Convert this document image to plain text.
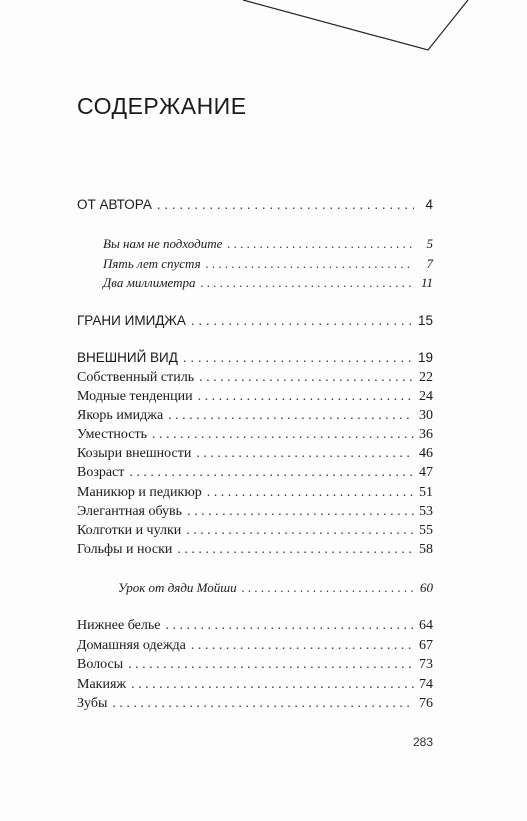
СОДЕРЖАНИЕ
ОТ АВТОРА . . .	4
Вы нам не подходите . . .	5
Пять лет спустя . . .	7
Два миллиметра . . .	11
ГРАНИ ИМИДЖА . . .	15
ВНЕШНИЙ ВИД . . .	19
Собственный стиль . . .	22
Модные тенденции . . .	24
Якорь имиджа . . .	30
Уместность . . .	36
Козыри внешности . . .	46
Возраст . . .	47
Маникюр и педикюр . . .	51
Элегантная обувь . . .	53
Колготки и чулки . . .	55
Гольфы и носки . . .	58
Урок от дяди Мойши . . .	60
Нижнее белье . . .	64
Домашняя одежда . . .	67
Волосы . . .	73
Макияж . . .	74
Зубы . . .	76
283
